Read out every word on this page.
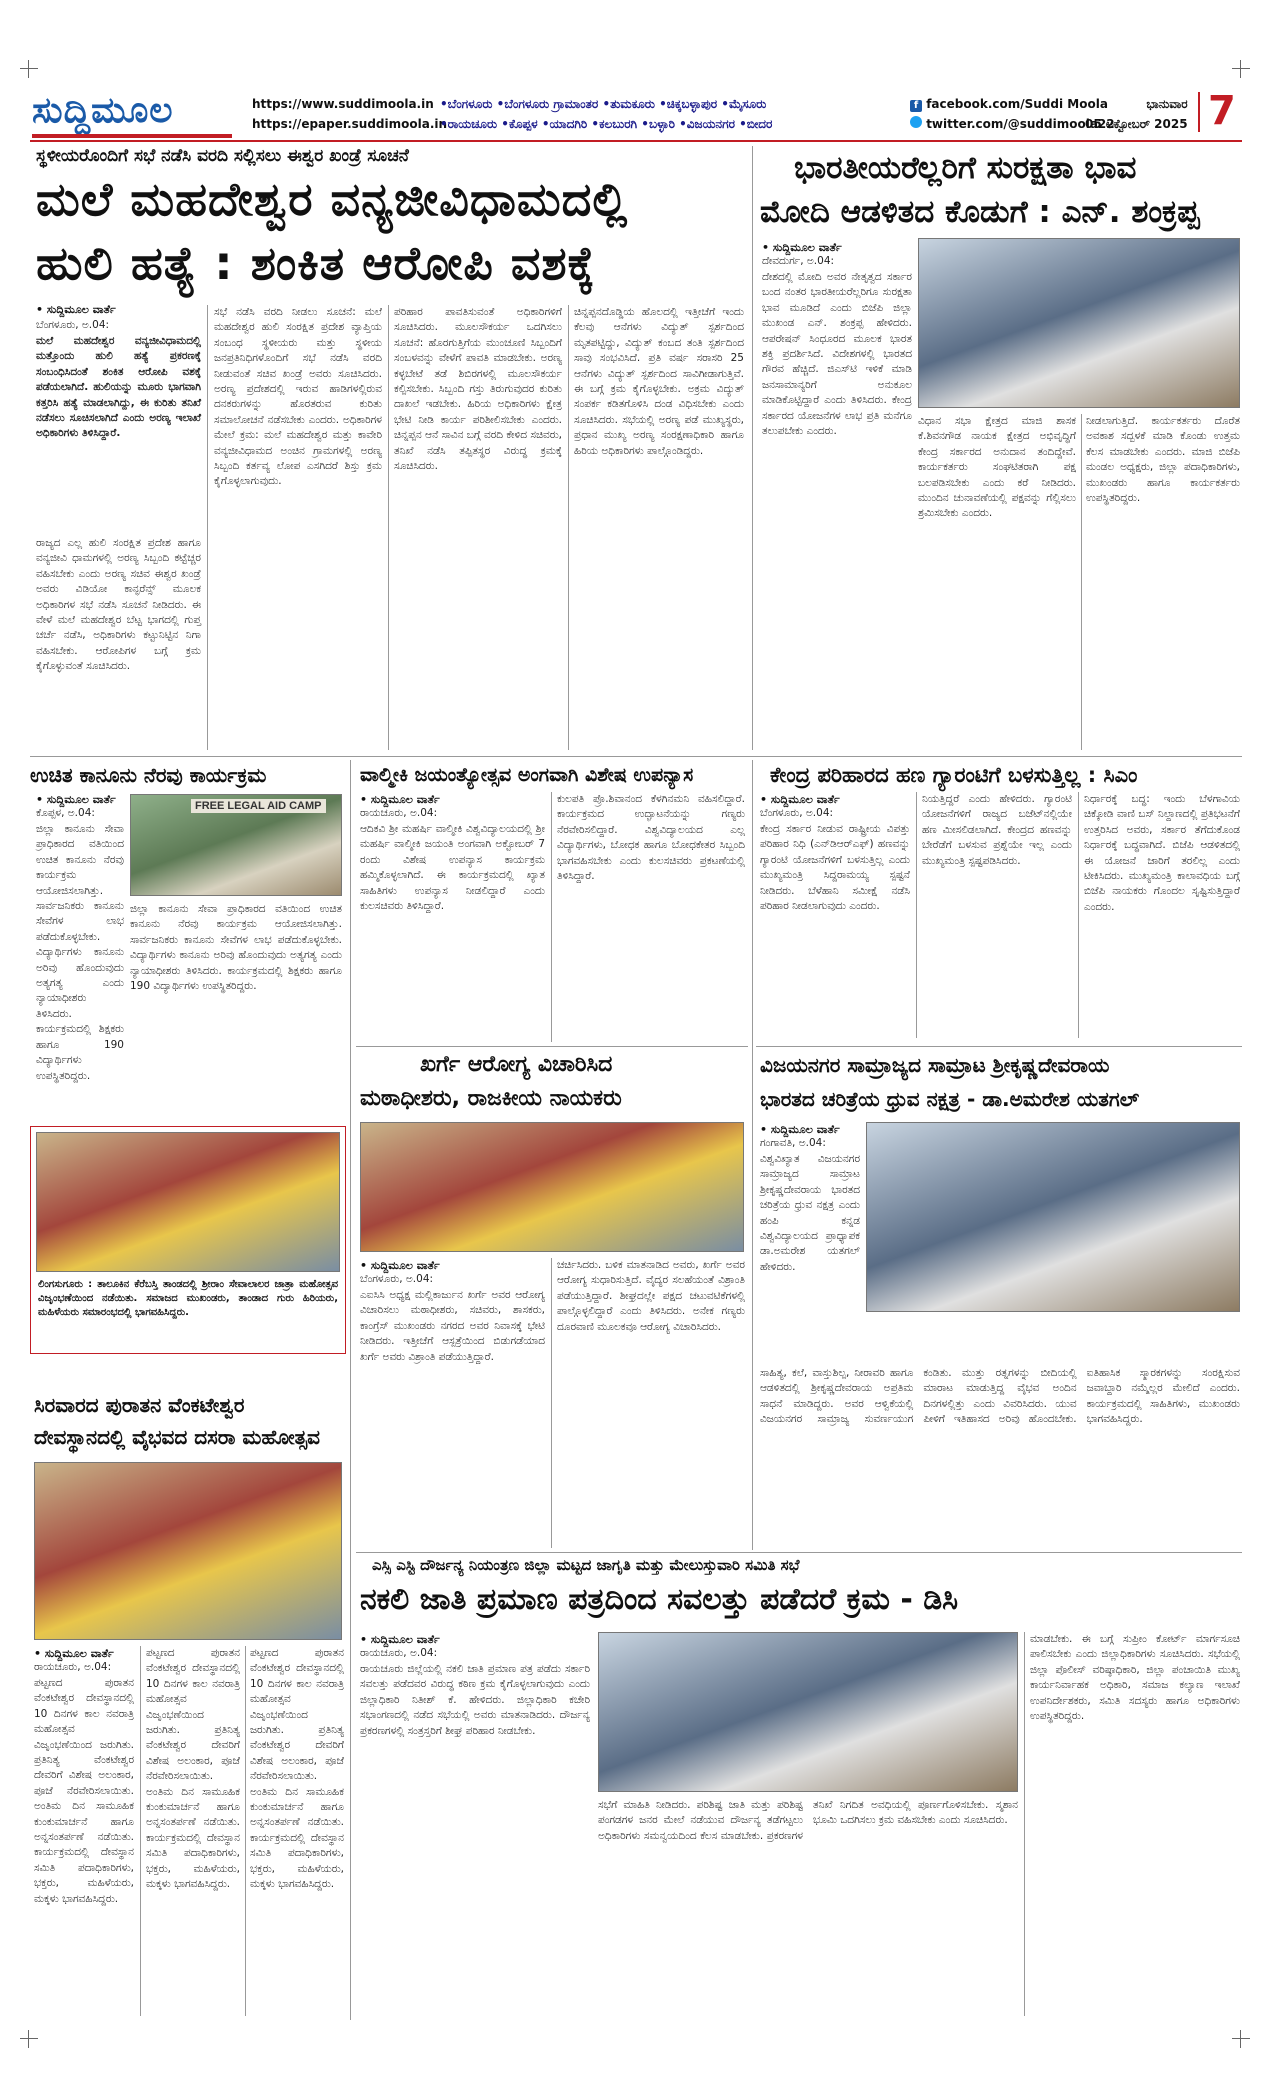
ಸುದ್ದಿಮೂಲ	https://www.suddimoola.in
https://epaper.suddimoola.in
•ಬೆಂಗಳೂರು •ಬೆಂಗಳೂರು ಗ್ರಾಮಾಂತರ •ತುಮಕೂರು •ಚಿಕ್ಕಬಳ್ಳಾಪುರ •ಮೈಸೂರು
•ರಾಯಚೂರು •ಕೊಪ್ಪಳ •ಯಾದಗಿರಿ •ಕಲಬುರಗಿ •ಬಳ್ಳಾರಿ •ವಿಜಯನಗರ •ಬೀದರ
f facebook.com/Suddi Moola
twitter.com/@suddimoola22
ಭಾನುವಾರ
05 ಅಕ್ಟೋಬರ್ 2025 7
ಸ್ಥಳೀಯರೊಂದಿಗೆ ಸಭೆ ನಡೆಸಿ ವರದಿ ಸಲ್ಲಿಸಲು ಈಶ್ವರ ಖಂಡ್ರೆ ಸೂಚನೆ
ಮಲೆ ಮಹದೇಶ್ವರ ವನ್ಯಜೀವಿಧಾಮದಲ್ಲಿ
ಹುಲಿ ಹತ್ಯೆ : ಶಂಕಿತ ಆರೋಪಿ ವಶಕ್ಕೆ
• ಸುದ್ದಿಮೂಲ ವಾರ್ತೆ
ಬೆಂಗಳೂರು, ಅ.04:
ಮಲೆ ಮಹದೇಶ್ವರ ವನ್ಯಜೀವಿಧಾಮದಲ್ಲಿ ಮತ್ತೊಂದು ಹುಲಿ ಹತ್ಯೆ ಪ್ರಕರಣಕ್ಕೆ ಸಂಬಂಧಿಸಿದಂತೆ ಶಂಕಿತ ಆರೋಪಿ ವಶಕ್ಕೆ ಪಡೆಯಲಾಗಿದೆ. ಹುಲಿಯನ್ನು ಮೂರು ಭಾಗವಾಗಿ ಕತ್ತರಿಸಿ ಹತ್ಯೆ ಮಾಡಲಾಗಿದ್ದು, ಈ ಕುರಿತು ತನಿಖೆ ನಡೆಸಲು ಸೂಚಿಸಲಾಗಿದೆ ಎಂದು ಅರಣ್ಯ ಇಲಾಖೆ ಅಧಿಕಾರಿಗಳು ತಿಳಿಸಿದ್ದಾರೆ.
ರಾಜ್ಯದ ಎಲ್ಲ ಹುಲಿ ಸಂರಕ್ಷಿತ ಪ್ರದೇಶ ಹಾಗೂ ವನ್ಯಜೀವಿ ಧಾಮಗಳಲ್ಲಿ ಅರಣ್ಯ ಸಿಬ್ಬಂದಿ ಕಟ್ಟೆಚ್ಚರ ವಹಿಸಬೇಕು ಎಂದು ಅರಣ್ಯ ಸಚಿವ ಈಶ್ವರ ಖಂಡ್ರೆ ಅವರು ವಿಡಿಯೋ ಕಾನ್ಫರೆನ್ಸ್ ಮೂಲಕ ಅಧಿಕಾರಿಗಳ ಸಭೆ ನಡೆಸಿ ಸೂಚನೆ ನೀಡಿದರು. ಈ ವೇಳೆ ಮಲೆ ಮಹದೇಶ್ವರ ಬೆಟ್ಟ ಭಾಗದಲ್ಲಿ ಗುಪ್ತ ಚರ್ಚೆ ನಡೆಸಿ, ಅಧಿಕಾರಿಗಳು ಕಟ್ಟುನಿಟ್ಟಿನ ನಿಗಾ ವಹಿಸಬೇಕು. ಆರೋಪಿಗಳ ಬಗ್ಗೆ ಕ್ರಮ ಕೈಗೊಳ್ಳುವಂತೆ ಸೂಚಿಸಿದರು.
ಸಭೆ ನಡೆಸಿ ವರದಿ ನೀಡಲು ಸೂಚನೆ: ಮಲೆ ಮಹದೇಶ್ವರ ಹುಲಿ ಸಂರಕ್ಷಿತ ಪ್ರದೇಶ ವ್ಯಾಪ್ತಿಯ ಸಂಬಂಧ ಸ್ಥಳೀಯರು ಮತ್ತು ಸ್ಥಳೀಯ ಜನಪ್ರತಿನಿಧಿಗಳೊಂದಿಗೆ ಸಭೆ ನಡೆಸಿ ವರದಿ ನೀಡುವಂತೆ ಸಚಿವ ಖಂಡ್ರೆ ಅವರು ಸೂಚಿಸಿದರು. ಅರಣ್ಯ ಪ್ರದೇಶದಲ್ಲಿ ಇರುವ ಹಾಡಿಗಳಲ್ಲಿರುವ ದನಕರುಗಳನ್ನು ಹೊರತರುವ ಕುರಿತು ಸಮಾಲೋಚನೆ ನಡೆಸಬೇಕು ಎಂದರು. ಅಧಿಕಾರಿಗಳ ಮೇಲೆ ಕ್ರಮ: ಮಲೆ ಮಹದೇಶ್ವರ ಮತ್ತು ಕಾವೇರಿ ವನ್ಯಜೀವಿಧಾಮದ ಅಂಚಿನ ಗ್ರಾಮಗಳಲ್ಲಿ ಅರಣ್ಯ ಸಿಬ್ಬಂದಿ ಕರ್ತವ್ಯ ಲೋಪ ಎಸಗಿದರೆ ಶಿಸ್ತು ಕ್ರಮ ಕೈಗೊಳ್ಳಲಾಗುವುದು.
ಪರಿಹಾರ ಪಾವತಿಸುವಂತೆ ಅಧಿಕಾರಿಗಳಿಗೆ ಸೂಚಿಸಿದರು. ಮೂಲಸೌಕರ್ಯ ಒದಗಿಸಲು ಸೂಚನೆ: ಹೊರಗುತ್ತಿಗೆಯ ಮುಂಚೂಣಿ ಸಿಬ್ಬಂದಿಗೆ ಸಂಬಳವನ್ನು ವೇಳೆಗೆ ಪಾವತಿ ಮಾಡಬೇಕು. ಅರಣ್ಯ ಕಳ್ಳಬೇಟೆ ತಡೆ ಶಿಬಿರಗಳಲ್ಲಿ ಮೂಲಸೌಕರ್ಯ ಕಲ್ಪಿಸಬೇಕು. ಸಿಬ್ಬಂದಿ ಗಸ್ತು ತಿರುಗುವುದರ ಕುರಿತು ದಾಖಲೆ ಇಡಬೇಕು. ಹಿರಿಯ ಅಧಿಕಾರಿಗಳು ಕ್ಷೇತ್ರ ಭೇಟಿ ನೀಡಿ ಕಾರ್ಯ ಪರಿಶೀಲಿಸಬೇಕು ಎಂದರು. ಚಿನ್ನಪ್ಪನ ಆನೆ ಸಾವಿನ ಬಗ್ಗೆ ವರದಿ ಕೇಳಿದ ಸಚಿವರು, ತನಿಖೆ ನಡೆಸಿ ತಪ್ಪಿತಸ್ಥರ ವಿರುದ್ಧ ಕ್ರಮಕ್ಕೆ ಸೂಚಿಸಿದರು.
ಚಿನ್ನಪ್ಪನದೊಡ್ಡಿಯ ಹೊಲದಲ್ಲಿ ಇತ್ತೀಚೆಗೆ ಇಂದು ಕೆಲವು ಆನೆಗಳು ವಿದ್ಯುತ್ ಸ್ಪರ್ಶದಿಂದ ಮೃತಪಟ್ಟಿದ್ದು, ವಿದ್ಯುತ್ ಕಂಬದ ತಂತಿ ಸ್ಪರ್ಶದಿಂದ ಸಾವು ಸಂಭವಿಸಿದೆ. ಪ್ರತಿ ವರ್ಷ ಸರಾಸರಿ 25 ಆನೆಗಳು ವಿದ್ಯುತ್ ಸ್ಪರ್ಶದಿಂದ ಸಾವಿಗೀಡಾಗುತ್ತಿವೆ. ಈ ಬಗ್ಗೆ ಕ್ರಮ ಕೈಗೊಳ್ಳಬೇಕು. ಅಕ್ರಮ ವಿದ್ಯುತ್ ಸಂಪರ್ಕ ಕಡಿತಗೊಳಿಸಿ ದಂಡ ವಿಧಿಸಬೇಕು ಎಂದು ಸೂಚಿಸಿದರು. ಸಭೆಯಲ್ಲಿ ಅರಣ್ಯ ಪಡೆ ಮುಖ್ಯಸ್ಥರು, ಪ್ರಧಾನ ಮುಖ್ಯ ಅರಣ್ಯ ಸಂರಕ್ಷಣಾಧಿಕಾರಿ ಹಾಗೂ ಹಿರಿಯ ಅಧಿಕಾರಿಗಳು ಪಾಲ್ಗೊಂಡಿದ್ದರು.
ಭಾರತೀಯರೆಲ್ಲರಿಗೆ ಸುರಕ್ಷತಾ ಭಾವ
ಮೋದಿ ಆಡಳಿತದ ಕೊಡುಗೆ : ಎನ್. ಶಂಕ್ರಪ್ಪ
• ಸುದ್ದಿಮೂಲ ವಾರ್ತೆ
ದೇವದುರ್ಗ, ಅ.04:
ದೇಶದಲ್ಲಿ ಮೋದಿ ಅವರ ನೇತೃತ್ವದ ಸರ್ಕಾರ ಬಂದ ನಂತರ ಭಾರತೀಯರೆಲ್ಲರಿಗೂ ಸುರಕ್ಷತಾ ಭಾವ ಮೂಡಿದೆ ಎಂದು ಬಿಜೆಪಿ ಜಿಲ್ಲಾ ಮುಖಂಡ ಎನ್. ಶಂಕ್ರಪ್ಪ ಹೇಳಿದರು. ಆಪರೇಷನ್ ಸಿಂಧೂರದ ಮೂಲಕ ಭಾರತ ಶಕ್ತಿ ಪ್ರದರ್ಶಿಸಿದೆ. ವಿದೇಶಗಳಲ್ಲಿ ಭಾರತದ ಗೌರವ ಹೆಚ್ಚಿದೆ. ಜಿಎಸ್‌ಟಿ ಇಳಿಕೆ ಮಾಡಿ ಜನಸಾಮಾನ್ಯರಿಗೆ ಅನುಕೂಲ ಮಾಡಿಕೊಟ್ಟಿದ್ದಾರೆ ಎಂದು ತಿಳಿಸಿದರು. ಕೇಂದ್ರ ಸರ್ಕಾರದ ಯೋಜನೆಗಳ ಲಾಭ ಪ್ರತಿ ಮನೆಗೂ ತಲುಪಬೇಕು ಎಂದರು.
ವಿಧಾನ ಸಭಾ ಕ್ಷೇತ್ರದ ಮಾಜಿ ಶಾಸಕ ಕೆ.ಶಿವನಗೌಡ ನಾಯಕ ಕ್ಷೇತ್ರದ ಅಭಿವೃದ್ಧಿಗೆ ಕೇಂದ್ರ ಸರ್ಕಾರದ ಅನುದಾನ ತಂದಿದ್ದೇವೆ. ಕಾರ್ಯಕರ್ತರು ಸಂಘಟಿತರಾಗಿ ಪಕ್ಷ ಬಲಪಡಿಸಬೇಕು ಎಂದು ಕರೆ ನೀಡಿದರು. ಮುಂದಿನ ಚುನಾವಣೆಯಲ್ಲಿ ಪಕ್ಷವನ್ನು ಗೆಲ್ಲಿಸಲು ಶ್ರಮಿಸಬೇಕು ಎಂದರು.
ನೀಡಲಾಗುತ್ತಿದೆ. ಕಾರ್ಯಕರ್ತರು ದೊರೆತ ಅವಕಾಶ ಸದ್ಬಳಕೆ ಮಾಡಿ ಕೊಂಡು ಉತ್ತಮ ಕೆಲಸ ಮಾಡಬೇಕು ಎಂದರು. ಮಾಜಿ ಬಿಜೆಪಿ ಮಂಡಲ ಅಧ್ಯಕ್ಷರು, ಜಿಲ್ಲಾ ಪದಾಧಿಕಾರಿಗಳು, ಮುಖಂಡರು ಹಾಗೂ ಕಾರ್ಯಕರ್ತರು ಉಪಸ್ಥಿತರಿದ್ದರು.
ಉಚಿತ ಕಾನೂನು ನೆರವು ಕಾರ್ಯಕ್ರಮ
• ಸುದ್ದಿಮೂಲ ವಾರ್ತೆ
ಕೊಪ್ಪಳ, ಅ.04:
FREE LEGAL AID CAMP
ಜಿಲ್ಲಾ ಕಾನೂನು ಸೇವಾ ಪ್ರಾಧಿಕಾರದ ವತಿಯಿಂದ ಉಚಿತ ಕಾನೂನು ನೆರವು ಕಾರ್ಯಕ್ರಮ ಆಯೋಜಿಸಲಾಗಿತ್ತು. ಸಾರ್ವಜನಿಕರು ಕಾನೂನು ಸೇವೆಗಳ ಲಾಭ ಪಡೆದುಕೊಳ್ಳಬೇಕು. ವಿದ್ಯಾರ್ಥಿಗಳು ಕಾನೂನು ಅರಿವು ಹೊಂದುವುದು ಅತ್ಯಗತ್ಯ ಎಂದು ನ್ಯಾಯಾಧೀಶರು ತಿಳಿಸಿದರು. ಕಾರ್ಯಕ್ರಮದಲ್ಲಿ ಶಿಕ್ಷಕರು ಹಾಗೂ 190 ವಿದ್ಯಾರ್ಥಿಗಳು ಉಪಸ್ಥಿತರಿದ್ದರು.
ಜಿಲ್ಲಾ ಕಾನೂನು ಸೇವಾ ಪ್ರಾಧಿಕಾರದ ವತಿಯಿಂದ ಉಚಿತ ಕಾನೂನು ನೆರವು ಕಾರ್ಯಕ್ರಮ ಆಯೋಜಿಸಲಾಗಿತ್ತು. ಸಾರ್ವಜನಿಕರು ಕಾನೂನು ಸೇವೆಗಳ ಲಾಭ ಪಡೆದುಕೊಳ್ಳಬೇಕು. ವಿದ್ಯಾರ್ಥಿಗಳು ಕಾನೂನು ಅರಿವು ಹೊಂದುವುದು ಅತ್ಯಗತ್ಯ ಎಂದು ನ್ಯಾಯಾಧೀಶರು ತಿಳಿಸಿದರು. ಕಾರ್ಯಕ್ರಮದಲ್ಲಿ ಶಿಕ್ಷಕರು ಹಾಗೂ 190 ವಿದ್ಯಾರ್ಥಿಗಳು ಉಪಸ್ಥಿತರಿದ್ದರು.
ಲಿಂಗಸುಗೂರು : ತಾಲೂಕಿನ ಕೆರೆಬಸ್ತಿ ತಾಂಡದಲ್ಲಿ ಶ್ರೀರಾಂ ಸೇವಾಲಾಲರ ಜಾತ್ರಾ ಮಹೋತ್ಸವ ವಿಜೃಂಭಣೆಯಿಂದ ನಡೆಯಿತು. ಸಮಾಜದ ಮುಖಂಡರು, ತಾಂಡಾದ ಗುರು ಹಿರಿಯರು, ಮಹಿಳೆಯರು ಸಮಾರಂಭದಲ್ಲಿ ಭಾಗವಹಿಸಿದ್ದರು.
ಸಿರವಾರದ ಪುರಾತನ ವೆಂಕಟೇಶ್ವರ
ದೇವಸ್ಥಾನದಲ್ಲಿ ವೈಭವದ ದಸರಾ ಮಹೋತ್ಸವ
• ಸುದ್ದಿಮೂಲ ವಾರ್ತೆ
ರಾಯಚೂರು, ಅ.04:
ಪಟ್ಟಣದ ಪುರಾತನ ವೆಂಕಟೇಶ್ವರ ದೇವಸ್ಥಾನದಲ್ಲಿ 10 ದಿನಗಳ ಕಾಲ ನವರಾತ್ರಿ ಮಹೋತ್ಸವ ವಿಜೃಂಭಣೆಯಿಂದ ಜರುಗಿತು. ಪ್ರತಿನಿತ್ಯ ವೆಂಕಟೇಶ್ವರ ದೇವರಿಗೆ ವಿಶೇಷ ಅಲಂಕಾರ, ಪೂಜೆ ನೆರವೇರಿಸಲಾಯಿತು. ಅಂತಿಮ ದಿನ ಸಾಮೂಹಿಕ ಕುಂಕುಮಾರ್ಚನೆ ಹಾಗೂ ಅನ್ನಸಂತರ್ಪಣೆ ನಡೆಯಿತು. ಕಾರ್ಯಕ್ರಮದಲ್ಲಿ ದೇವಸ್ಥಾನ ಸಮಿತಿ ಪದಾಧಿಕಾರಿಗಳು, ಭಕ್ತರು, ಮಹಿಳೆಯರು, ಮಕ್ಕಳು ಭಾಗವಹಿಸಿದ್ದರು.
ಪಟ್ಟಣದ ಪುರಾತನ ವೆಂಕಟೇಶ್ವರ ದೇವಸ್ಥಾನದಲ್ಲಿ 10 ದಿನಗಳ ಕಾಲ ನವರಾತ್ರಿ ಮಹೋತ್ಸವ ವಿಜೃಂಭಣೆಯಿಂದ ಜರುಗಿತು. ಪ್ರತಿನಿತ್ಯ ವೆಂಕಟೇಶ್ವರ ದೇವರಿಗೆ ವಿಶೇಷ ಅಲಂಕಾರ, ಪೂಜೆ ನೆರವೇರಿಸಲಾಯಿತು. ಅಂತಿಮ ದಿನ ಸಾಮೂಹಿಕ ಕುಂಕುಮಾರ್ಚನೆ ಹಾಗೂ ಅನ್ನಸಂತರ್ಪಣೆ ನಡೆಯಿತು. ಕಾರ್ಯಕ್ರಮದಲ್ಲಿ ದೇವಸ್ಥಾನ ಸಮಿತಿ ಪದಾಧಿಕಾರಿಗಳು, ಭಕ್ತರು, ಮಹಿಳೆಯರು, ಮಕ್ಕಳು ಭಾಗವಹಿಸಿದ್ದರು.
ಪಟ್ಟಣದ ಪುರಾತನ ವೆಂಕಟೇಶ್ವರ ದೇವಸ್ಥಾನದಲ್ಲಿ 10 ದಿನಗಳ ಕಾಲ ನವರಾತ್ರಿ ಮಹೋತ್ಸವ ವಿಜೃಂಭಣೆಯಿಂದ ಜರುಗಿತು. ಪ್ರತಿನಿತ್ಯ ವೆಂಕಟೇಶ್ವರ ದೇವರಿಗೆ ವಿಶೇಷ ಅಲಂಕಾರ, ಪೂಜೆ ನೆರವೇರಿಸಲಾಯಿತು. ಅಂತಿಮ ದಿನ ಸಾಮೂಹಿಕ ಕುಂಕುಮಾರ್ಚನೆ ಹಾಗೂ ಅನ್ನಸಂತರ್ಪಣೆ ನಡೆಯಿತು. ಕಾರ್ಯಕ್ರಮದಲ್ಲಿ ದೇವಸ್ಥಾನ ಸಮಿತಿ ಪದಾಧಿಕಾರಿಗಳು, ಭಕ್ತರು, ಮಹಿಳೆಯರು, ಮಕ್ಕಳು ಭಾಗವಹಿಸಿದ್ದರು.
ವಾಲ್ಮೀಕಿ ಜಯಂತ್ಯೋತ್ಸವ ಅಂಗವಾಗಿ ವಿಶೇಷ ಉಪನ್ಯಾಸ
• ಸುದ್ದಿಮೂಲ ವಾರ್ತೆ
ರಾಯಚೂರು, ಅ.04:
ಆದಿಕವಿ ಶ್ರೀ ಮಹರ್ಷಿ ವಾಲ್ಮೀಕಿ ವಿಶ್ವವಿದ್ಯಾಲಯದಲ್ಲಿ ಶ್ರೀ ಮಹರ್ಷಿ ವಾಲ್ಮೀಕಿ ಜಯಂತಿ ಅಂಗವಾಗಿ ಅಕ್ಟೋಬರ್ 7 ರಂದು ವಿಶೇಷ ಉಪನ್ಯಾಸ ಕಾರ್ಯಕ್ರಮ ಹಮ್ಮಿಕೊಳ್ಳಲಾಗಿದೆ. ಈ ಕಾರ್ಯಕ್ರಮದಲ್ಲಿ ಖ್ಯಾತ ಸಾಹಿತಿಗಳು ಉಪನ್ಯಾಸ ನೀಡಲಿದ್ದಾರೆ ಎಂದು ಕುಲಸಚಿವರು ತಿಳಿಸಿದ್ದಾರೆ.
ಕುಲಪತಿ ಪ್ರೊ.ಶಿವಾನಂದ ಕೆಳಗಿನಮನಿ ವಹಿಸಲಿದ್ದಾರೆ. ಕಾರ್ಯಕ್ರಮದ ಉದ್ಘಾಟನೆಯನ್ನು ಗಣ್ಯರು ನೆರವೇರಿಸಲಿದ್ದಾರೆ. ವಿಶ್ವವಿದ್ಯಾಲಯದ ಎಲ್ಲ ವಿದ್ಯಾರ್ಥಿಗಳು, ಬೋಧಕ ಹಾಗೂ ಬೋಧಕೇತರ ಸಿಬ್ಬಂದಿ ಭಾಗವಹಿಸಬೇಕು ಎಂದು ಕುಲಸಚಿವರು ಪ್ರಕಟಣೆಯಲ್ಲಿ ತಿಳಿಸಿದ್ದಾರೆ.
ಖರ್ಗೆ ಆರೋಗ್ಯ ವಿಚಾರಿಸಿದ
ಮಠಾಧೀಶರು, ರಾಜಕೀಯ ನಾಯಕರು
• ಸುದ್ದಿಮೂಲ ವಾರ್ತೆ
ಬೆಂಗಳೂರು, ಅ.04:
ಎಐಸಿಸಿ ಅಧ್ಯಕ್ಷ ಮಲ್ಲಿಕಾರ್ಜುನ ಖರ್ಗೆ ಅವರ ಆರೋಗ್ಯ ವಿಚಾರಿಸಲು ಮಠಾಧೀಶರು, ಸಚಿವರು, ಶಾಸಕರು, ಕಾಂಗ್ರೆಸ್ ಮುಖಂಡರು ನಗರದ ಅವರ ನಿವಾಸಕ್ಕೆ ಭೇಟಿ ನೀಡಿದರು. ಇತ್ತೀಚೆಗೆ ಆಸ್ಪತ್ರೆಯಿಂದ ಬಿಡುಗಡೆಯಾದ ಖರ್ಗೆ ಅವರು ವಿಶ್ರಾಂತಿ ಪಡೆಯುತ್ತಿದ್ದಾರೆ.
ಚರ್ಚಿಸಿದರು. ಬಳಿಕ ಮಾತನಾಡಿದ ಅವರು, ಖರ್ಗೆ ಅವರ ಆರೋಗ್ಯ ಸುಧಾರಿಸುತ್ತಿದೆ. ವೈದ್ಯರ ಸಲಹೆಯಂತೆ ವಿಶ್ರಾಂತಿ ಪಡೆಯುತ್ತಿದ್ದಾರೆ. ಶೀಘ್ರದಲ್ಲೇ ಪಕ್ಷದ ಚಟುವಟಿಕೆಗಳಲ್ಲಿ ಪಾಲ್ಗೊಳ್ಳಲಿದ್ದಾರೆ ಎಂದು ತಿಳಿಸಿದರು. ಅನೇಕ ಗಣ್ಯರು ದೂರವಾಣಿ ಮೂಲಕವೂ ಆರೋಗ್ಯ ವಿಚಾರಿಸಿದರು.
ಕೇಂದ್ರ ಪರಿಹಾರದ ಹಣ ಗ್ಯಾರಂಟಿಗೆ ಬಳಸುತ್ತಿಲ್ಲ : ಸಿಎಂ
• ಸುದ್ದಿಮೂಲ ವಾರ್ತೆ
ಬೆಂಗಳೂರು, ಅ.04:
ಕೇಂದ್ರ ಸರ್ಕಾರ ನೀಡುವ ರಾಷ್ಟ್ರೀಯ ವಿಪತ್ತು ಪರಿಹಾರ ನಿಧಿ (ಎನ್‌ಡಿಆರ್‌ಎಫ್) ಹಣವನ್ನು ಗ್ಯಾರಂಟಿ ಯೋಜನೆಗಳಿಗೆ ಬಳಸುತ್ತಿಲ್ಲ ಎಂದು ಮುಖ್ಯಮಂತ್ರಿ ಸಿದ್ದರಾಮಯ್ಯ ಸ್ಪಷ್ಟನೆ ನೀಡಿದರು. ಬೆಳೆಹಾನಿ ಸಮೀಕ್ಷೆ ನಡೆಸಿ ಪರಿಹಾರ ನೀಡಲಾಗುವುದು ಎಂದರು.
ನಿಯತ್ತಿದ್ದರೆ ಎಂದು ಹೇಳಿದರು. ಗ್ಯಾರಂಟಿ ಯೋಜನೆಗಳಿಗೆ ರಾಜ್ಯದ ಬಜೆಟ್‌ನಲ್ಲಿಯೇ ಹಣ ಮೀಸಲಿಡಲಾಗಿದೆ. ಕೇಂದ್ರದ ಹಣವನ್ನು ಬೇರೆಡೆಗೆ ಬಳಸುವ ಪ್ರಶ್ನೆಯೇ ಇಲ್ಲ ಎಂದು ಮುಖ್ಯಮಂತ್ರಿ ಸ್ಪಷ್ಟಪಡಿಸಿದರು.
ನಿರ್ಧಾರಕ್ಕೆ ಬದ್ಧ: ಇಂದು ಬೆಳಗಾವಿಯ ಚಿಕ್ಕೋಡಿ ವಾಣಿ ಬಸ್ ನಿಲ್ದಾಣದಲ್ಲಿ ಪ್ರತಿಭಟನೆಗೆ ಉತ್ತರಿಸಿದ ಅವರು, ಸರ್ಕಾರ ತೆಗೆದುಕೊಂಡ ನಿರ್ಧಾರಕ್ಕೆ ಬದ್ಧವಾಗಿದೆ. ಬಿಜೆಪಿ ಆಡಳಿತದಲ್ಲಿ ಈ ಯೋಜನೆ ಜಾರಿಗೆ ತರಲಿಲ್ಲ ಎಂದು ಟೀಕಿಸಿದರು. ಮುಖ್ಯಮಂತ್ರಿ ಕಾಲಾವಧಿಯ ಬಗ್ಗೆ ಬಿಜೆಪಿ ನಾಯಕರು ಗೊಂದಲ ಸೃಷ್ಟಿಸುತ್ತಿದ್ದಾರೆ ಎಂದರು.
ವಿಜಯನಗರ ಸಾಮ್ರಾಜ್ಯದ ಸಾಮ್ರಾಟ ಶ್ರೀಕೃಷ್ಣದೇವರಾಯ
ಭಾರತದ ಚರಿತ್ರೆಯ ಧ್ರುವ ನಕ್ಷತ್ರ - ಡಾ.ಅಮರೇಶ ಯತಗಲ್
• ಸುದ್ದಿಮೂಲ ವಾರ್ತೆ
ಗಂಗಾವತಿ, ಅ.04:
ವಿಶ್ವವಿಖ್ಯಾತ ವಿಜಯನಗರ ಸಾಮ್ರಾಜ್ಯದ ಸಾಮ್ರಾಟ ಶ್ರೀಕೃಷ್ಣದೇವರಾಯ ಭಾರತದ ಚರಿತ್ರೆಯ ಧ್ರುವ ನಕ್ಷತ್ರ ಎಂದು ಹಂಪಿ ಕನ್ನಡ ವಿಶ್ವವಿದ್ಯಾಲಯದ ಪ್ರಾಧ್ಯಾಪಕ ಡಾ.ಅಮರೇಶ ಯತಗಲ್ ಹೇಳಿದರು.
ಸಾಹಿತ್ಯ, ಕಲೆ, ವಾಸ್ತುಶಿಲ್ಪ, ನೀರಾವರಿ ಹಾಗೂ ಆಡಳಿತದಲ್ಲಿ ಶ್ರೀಕೃಷ್ಣದೇವರಾಯ ಅಪ್ರತಿಮ ಸಾಧನೆ ಮಾಡಿದ್ದರು. ಅವರ ಆಳ್ವಿಕೆಯಲ್ಲಿ ವಿಜಯನಗರ ಸಾಮ್ರಾಜ್ಯ ಸುವರ್ಣಯುಗ ಕಂಡಿತು. ಮುತ್ತು ರತ್ನಗಳನ್ನು ಬೀದಿಯಲ್ಲಿ ಮಾರಾಟ ಮಾಡುತ್ತಿದ್ದ ವೈಭವ ಅಂದಿನ ದಿನಗಳಲ್ಲಿತ್ತು ಎಂದು ವಿವರಿಸಿದರು. ಯುವ ಪೀಳಿಗೆ ಇತಿಹಾಸದ ಅರಿವು ಹೊಂದಬೇಕು. ಐತಿಹಾಸಿಕ ಸ್ಮಾರಕಗಳನ್ನು ಸಂರಕ್ಷಿಸುವ ಜವಾಬ್ದಾರಿ ನಮ್ಮೆಲ್ಲರ ಮೇಲಿದೆ ಎಂದರು. ಕಾರ್ಯಕ್ರಮದಲ್ಲಿ ಸಾಹಿತಿಗಳು, ಮುಖಂಡರು ಭಾಗವಹಿಸಿದ್ದರು.
ಎಸ್ಸಿ ಎಸ್ಟಿ ದೌರ್ಜನ್ಯ ನಿಯಂತ್ರಣ ಜಿಲ್ಲಾ ಮಟ್ಟದ ಜಾಗೃತಿ ಮತ್ತು ಮೇಲುಸ್ತುವಾರಿ ಸಮಿತಿ ಸಭೆ
ನಕಲಿ ಜಾತಿ ಪ್ರಮಾಣ ಪತ್ರದಿಂದ ಸವಲತ್ತು ಪಡೆದರೆ ಕ್ರಮ - ಡಿಸಿ
• ಸುದ್ದಿಮೂಲ ವಾರ್ತೆ
ರಾಯಚೂರು, ಅ.04:
ರಾಯಚೂರು ಜಿಲ್ಲೆಯಲ್ಲಿ ನಕಲಿ ಜಾತಿ ಪ್ರಮಾಣ ಪತ್ರ ಪಡೆದು ಸರ್ಕಾರಿ ಸವಲತ್ತು ಪಡೆದವರ ವಿರುದ್ಧ ಕಠಿಣ ಕ್ರಮ ಕೈಗೊಳ್ಳಲಾಗುವುದು ಎಂದು ಜಿಲ್ಲಾಧಿಕಾರಿ ನಿತೀಶ್ ಕೆ. ಹೇಳಿದರು. ಜಿಲ್ಲಾಧಿಕಾರಿ ಕಚೇರಿ ಸಭಾಂಗಣದಲ್ಲಿ ನಡೆದ ಸಭೆಯಲ್ಲಿ ಅವರು ಮಾತನಾಡಿದರು. ದೌರ್ಜನ್ಯ ಪ್ರಕರಣಗಳಲ್ಲಿ ಸಂತ್ರಸ್ತರಿಗೆ ಶೀಘ್ರ ಪರಿಹಾರ ನೀಡಬೇಕು.
ಸಭೆಗೆ ಮಾಹಿತಿ ನೀಡಿದರು. ಪರಿಶಿಷ್ಟ ಜಾತಿ ಮತ್ತು ಪರಿಶಿಷ್ಟ ಪಂಗಡಗಳ ಜನರ ಮೇಲೆ ನಡೆಯುವ ದೌರ್ಜನ್ಯ ತಡೆಗಟ್ಟಲು ಅಧಿಕಾರಿಗಳು ಸಮನ್ವಯದಿಂದ ಕೆಲಸ ಮಾಡಬೇಕು. ಪ್ರಕರಣಗಳ ತನಿಖೆ ನಿಗದಿತ ಅವಧಿಯಲ್ಲಿ ಪೂರ್ಣಗೊಳಿಸಬೇಕು. ಸ್ಮಶಾನ ಭೂಮಿ ಒದಗಿಸಲು ಕ್ರಮ ವಹಿಸಬೇಕು ಎಂದು ಸೂಚಿಸಿದರು.
ಮಾಡಬೇಕು. ಈ ಬಗ್ಗೆ ಸುಪ್ರೀಂ ಕೋರ್ಟ್ ಮಾರ್ಗಸೂಚಿ ಪಾಲಿಸಬೇಕು ಎಂದು ಜಿಲ್ಲಾಧಿಕಾರಿಗಳು ಸೂಚಿಸಿದರು. ಸಭೆಯಲ್ಲಿ ಜಿಲ್ಲಾ ಪೊಲೀಸ್ ವರಿಷ್ಠಾಧಿಕಾರಿ, ಜಿಲ್ಲಾ ಪಂಚಾಯಿತಿ ಮುಖ್ಯ ಕಾರ್ಯನಿರ್ವಾಹಕ ಅಧಿಕಾರಿ, ಸಮಾಜ ಕಲ್ಯಾಣ ಇಲಾಖೆ ಉಪನಿರ್ದೇಶಕರು, ಸಮಿತಿ ಸದಸ್ಯರು ಹಾಗೂ ಅಧಿಕಾರಿಗಳು ಉಪಸ್ಥಿತರಿದ್ದರು.
